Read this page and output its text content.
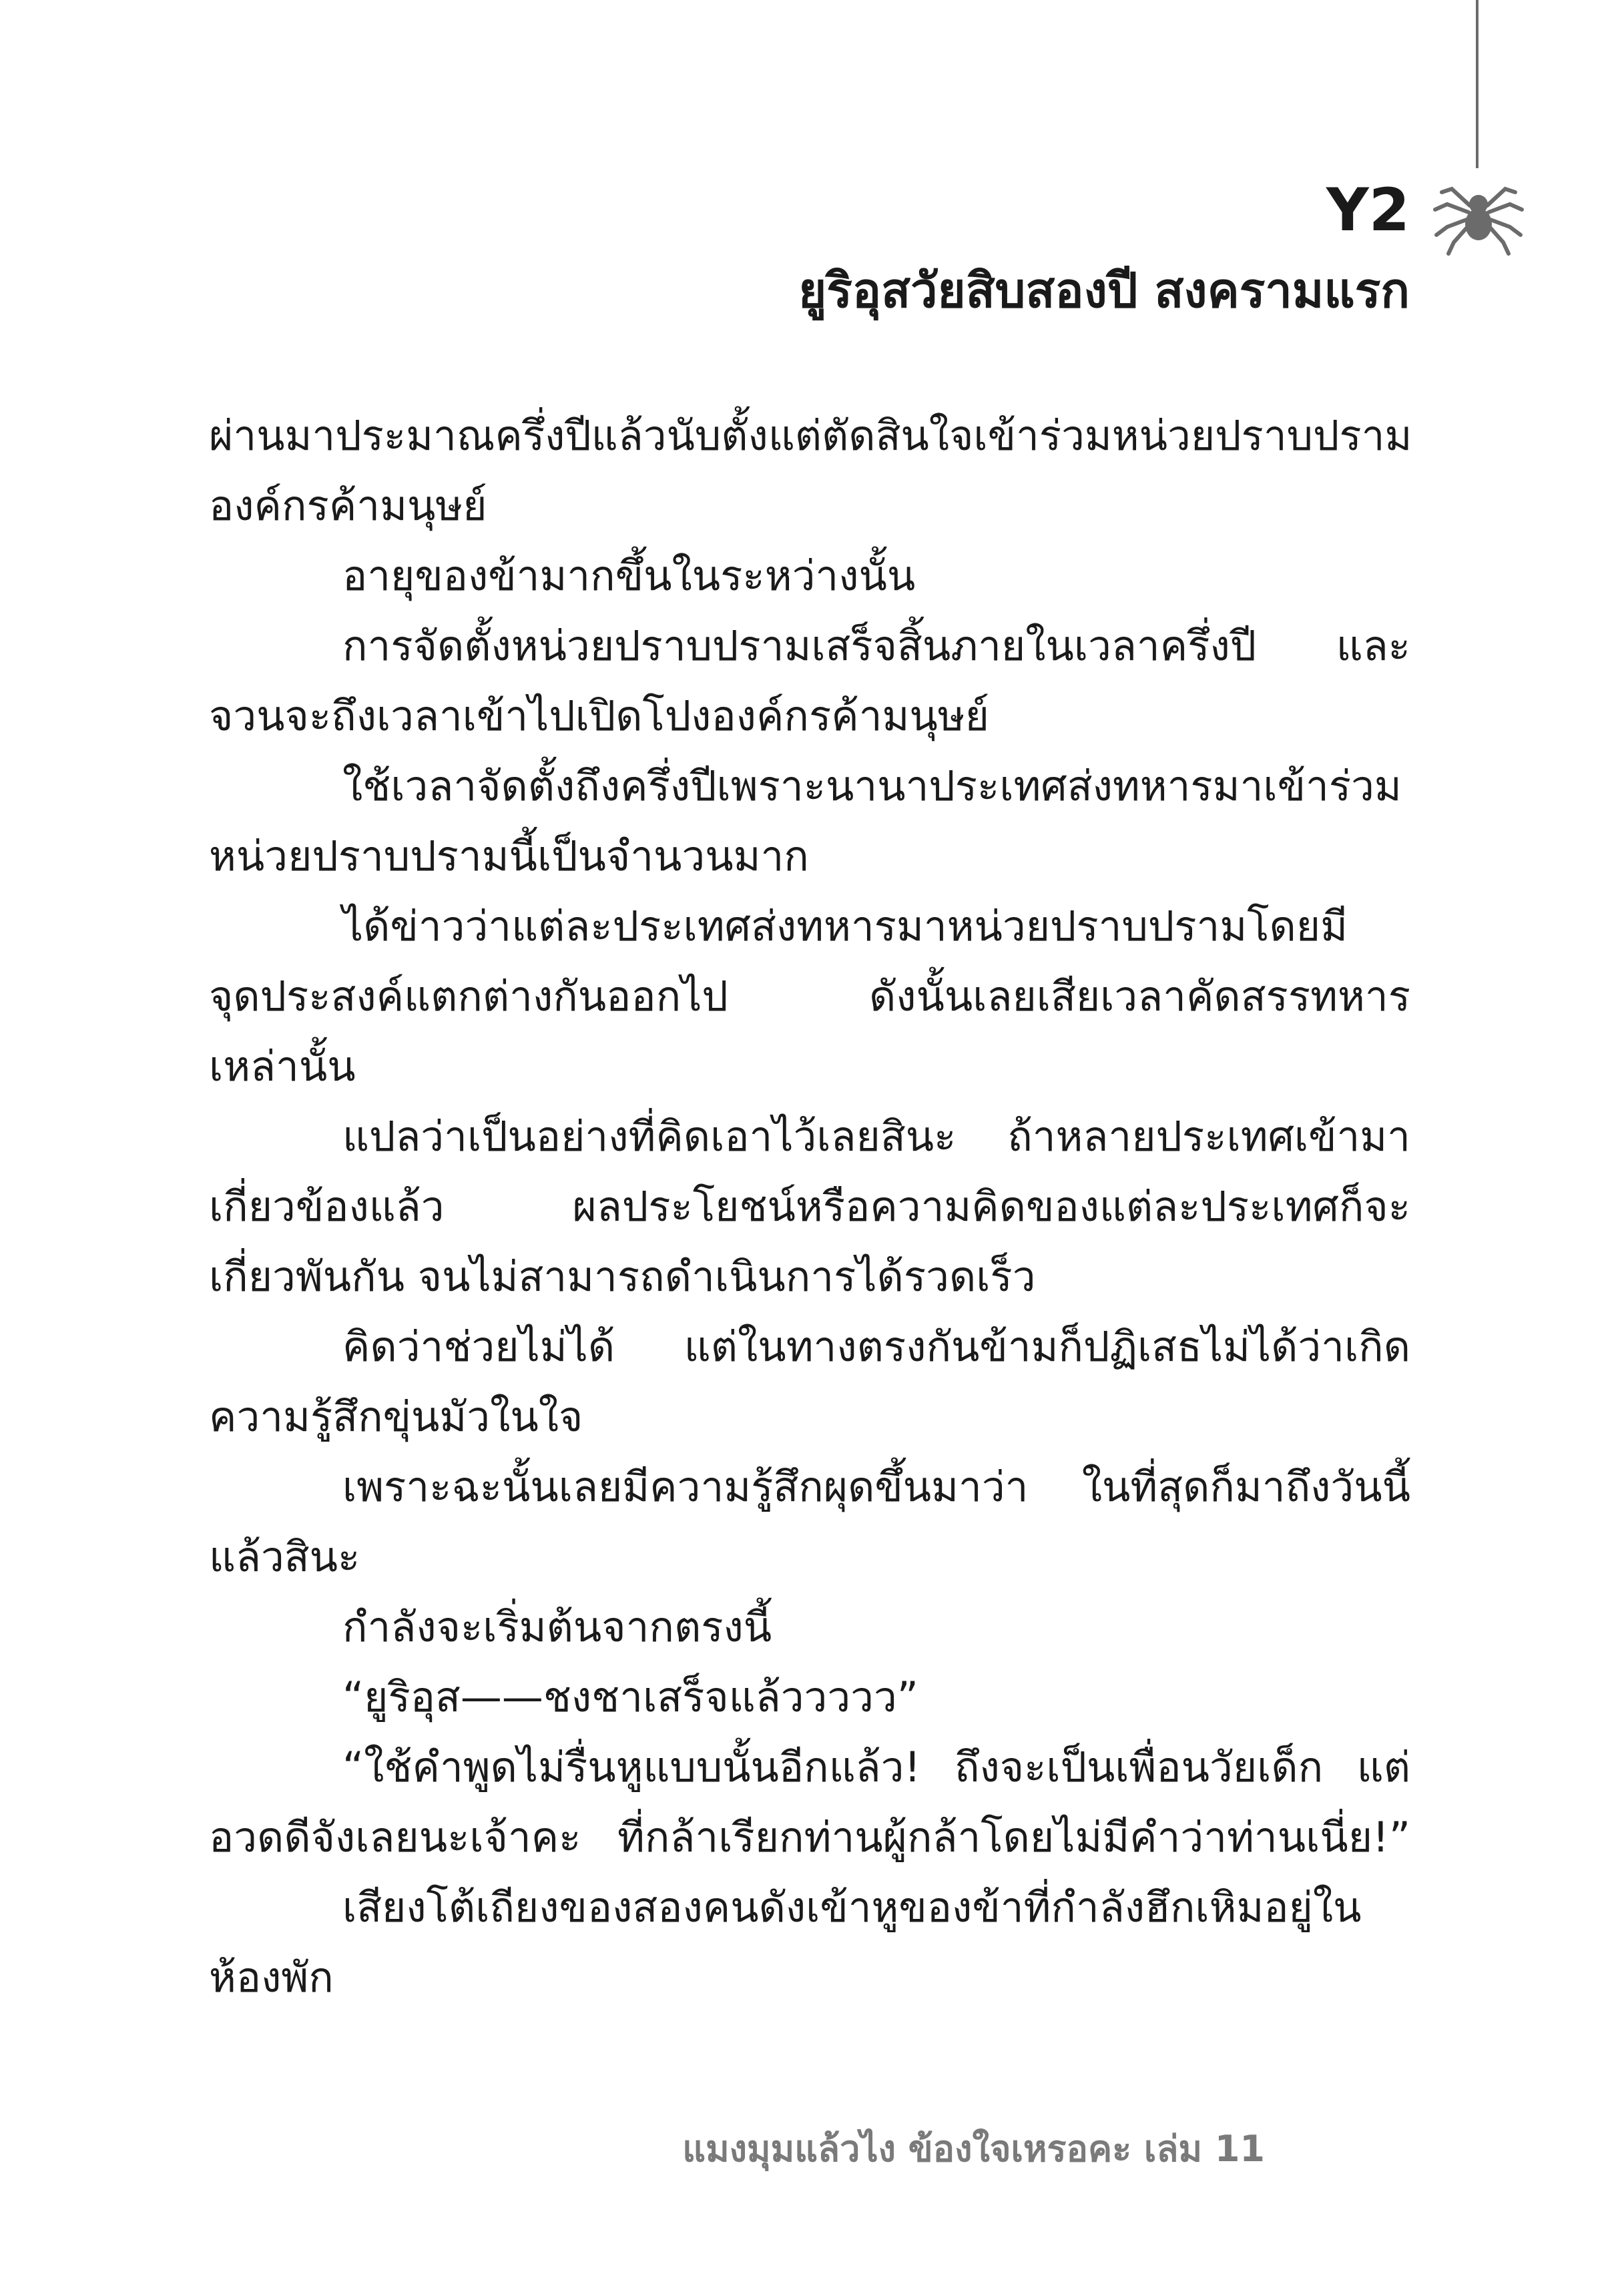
Y2
ยูริอุสวัยสิบสองปี สงครามแรก
ผ่านมาประมาณครึ่งปีแล้วนับตั้งแต่ตัดสินใจเข้าร่วมหน่วยปราบปราม
องค์กรค้ามนุษย์
อายุของข้ามากขึ้นในระหว่างนั้น
การจัดตั้งหน่วยปราบปรามเสร็จสิ้นภายในเวลาครึ่งปี และ
จวนจะถึงเวลาเข้าไปเปิดโปงองค์กรค้ามนุษย์
ใช้เวลาจัดตั้งถึงครึ่งปีเพราะนานาประเทศส่งทหารมาเข้าร่วม
หน่วยปราบปรามนี้เป็นจำนวนมาก
ได้ข่าวว่าแต่ละประเทศส่งทหารมาหน่วยปราบปรามโดยมี
จุดประสงค์แตกต่างกันออกไป ดังนั้นเลยเสียเวลาคัดสรรทหาร
เหล่านั้น
แปลว่าเป็นอย่างที่คิดเอาไว้เลยสินะ ถ้าหลายประเทศเข้ามา
เกี่ยวข้องแล้ว ผลประโยชน์หรือความคิดของแต่ละประเทศก็จะ
เกี่ยวพันกัน จนไม่สามารถดำเนินการได้รวดเร็ว
คิดว่าช่วยไม่ได้ แต่ในทางตรงกันข้ามก็ปฏิเสธไม่ได้ว่าเกิด
ความรู้สึกขุ่นมัวในใจ
เพราะฉะนั้นเลยมีความรู้สึกผุดขึ้นมาว่า ในที่สุดก็มาถึงวันนี้
แล้วสินะ
กำลังจะเริ่มต้นจากตรงนี้
“ยูริอุส——ชงชาเสร็จแล้ววววว”
“ใช้คำพูดไม่รื่นหูแบบนั้นอีกแล้ว! ถึงจะเป็นเพื่อนวัยเด็ก แต่
อวดดีจังเลยนะเจ้าคะ ที่กล้าเรียกท่านผู้กล้าโดยไม่มีคำว่าท่านเนี่ย!”
เสียงโต้เถียงของสองคนดังเข้าหูของข้าที่กำลังฮึกเหิมอยู่ใน
ห้องพัก
แมงมุมแล้วไง ข้องใจเหรอคะ เล่ม 11
